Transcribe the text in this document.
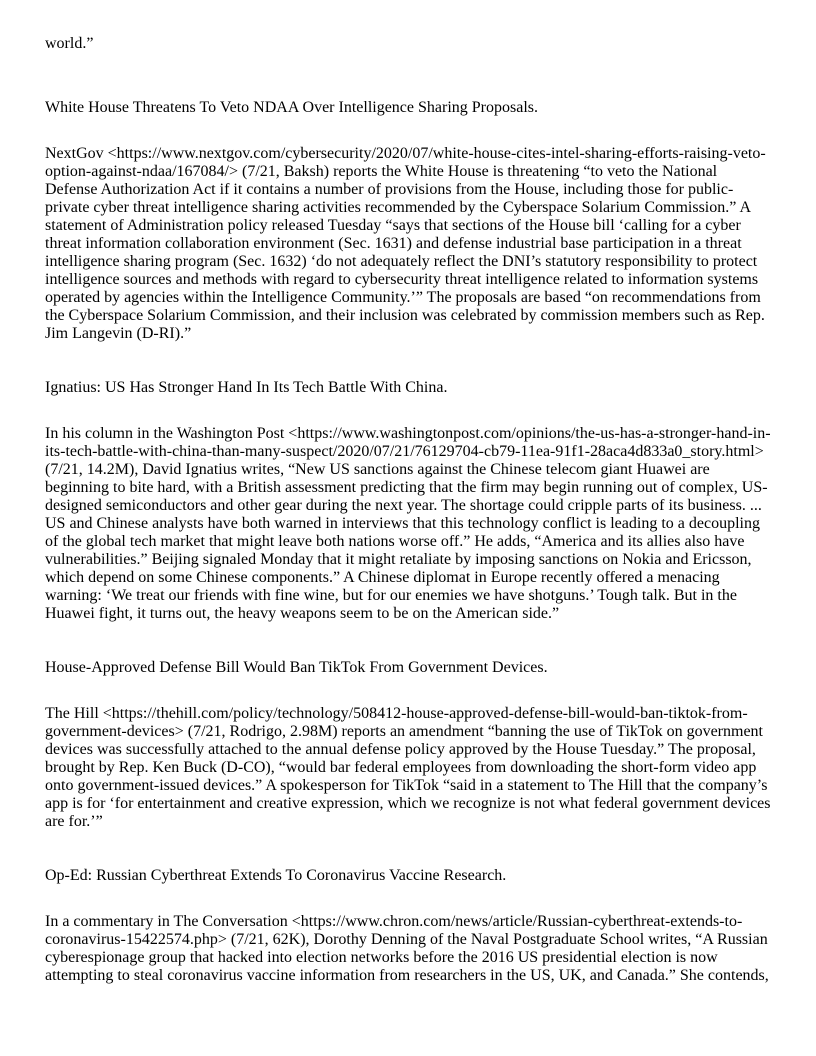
world.”

White House Threatens To Veto NDAA Over Intelligence Sharing Proposals.

NextGov <https://www.nextgov.com/cybersecurity/2020/07/white-house-cites-intel-sharing-efforts-raising-veto-option-against-ndaa/167084/> (7/21, Baksh) reports the White House is threatening “to veto the National Defense Authorization Act if it contains a number of provisions from the House, including those for public-private cyber threat intelligence sharing activities recommended by the Cyberspace Solarium Commission.” A statement of Administration policy released Tuesday “says that sections of the House bill ‘calling for a cyber threat information collaboration environment (Sec. 1631) and defense industrial base participation in a threat intelligence sharing program (Sec. 1632) ‘do not adequately reflect the DNI’s statutory responsibility to protect intelligence sources and methods with regard to cybersecurity threat intelligence related to information systems operated by agencies within the Intelligence Community.’” The proposals are based “on recommendations from the Cyberspace Solarium Commission, and their inclusion was celebrated by commission members such as Rep. Jim Langevin (D-RI).”

Ignatius: US Has Stronger Hand In Its Tech Battle With China.

In his column in the Washington Post <https://www.washingtonpost.com/opinions/the-us-has-a-stronger-hand-in-its-tech-battle-with-china-than-many-suspect/2020/07/21/76129704-cb79-11ea-91f1-28aca4d833a0_story.html> (7/21, 14.2M), David Ignatius writes, “New US sanctions against the Chinese telecom giant Huawei are beginning to bite hard, with a British assessment predicting that the firm may begin running out of complex, US-designed semiconductors and other gear during the next year. The shortage could cripple parts of its business. ... US and Chinese analysts have both warned in interviews that this technology conflict is leading to a decoupling of the global tech market that might leave both nations worse off.” He adds, “America and its allies also have vulnerabilities.” Beijing signaled Monday that it might retaliate by imposing sanctions on Nokia and Ericsson, which depend on some Chinese components.” A Chinese diplomat in Europe recently offered a menacing warning: ‘We treat our friends with fine wine, but for our enemies we have shotguns.’ Tough talk. But in the Huawei fight, it turns out, the heavy weapons seem to be on the American side.”

House-Approved Defense Bill Would Ban TikTok From Government Devices.

The Hill <https://thehill.com/policy/technology/508412-house-approved-defense-bill-would-ban-tiktok-from-government-devices> (7/21, Rodrigo, 2.98M) reports an amendment “banning the use of TikTok on government devices was successfully attached to the annual defense policy approved by the House Tuesday.” The proposal, brought by Rep. Ken Buck (D-CO), “would bar federal employees from downloading the short-form video app onto government-issued devices.” A spokesperson for TikTok “said in a statement to The Hill that the company’s app is for ‘for entertainment and creative expression, which we recognize is not what federal government devices are for.’”

Op-Ed: Russian Cyberthreat Extends To Coronavirus Vaccine Research.

In a commentary in The Conversation <https://www.chron.com/news/article/Russian-cyberthreat-extends-to-coronavirus-15422574.php> (7/21, 62K), Dorothy Denning of the Naval Postgraduate School writes, “A Russian cyberespionage group that hacked into election networks before the 2016 US presidential election is now attempting to steal coronavirus vaccine information from researchers in the US, UK, and Canada.” She contends,
